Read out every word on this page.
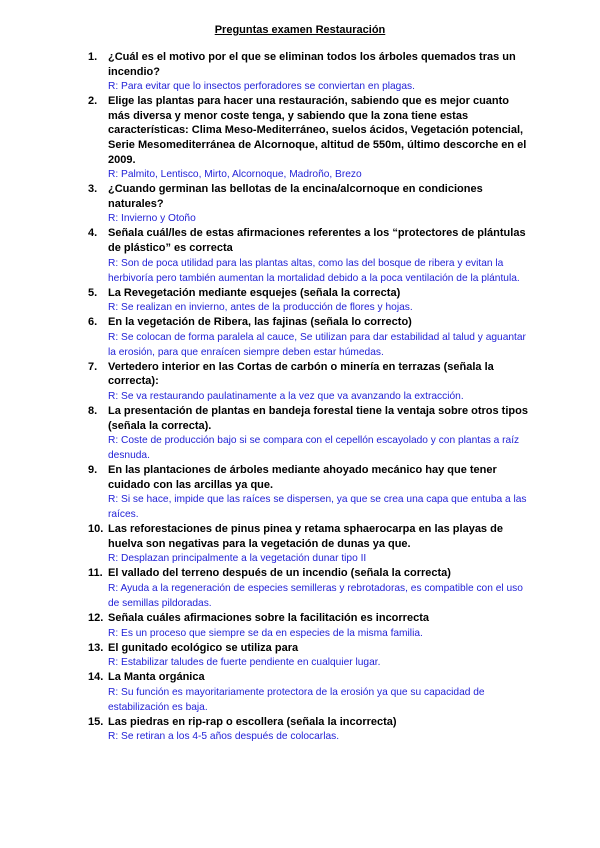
Preguntas examen Restauración
1. ¿Cuál es el motivo por el que se eliminan todos los árboles quemados tras un incendio?
R: Para evitar que lo insectos perforadores se conviertan en plagas.
2. Elige las plantas para hacer una restauración, sabiendo que es mejor cuanto más diversa y menor coste tenga, y sabiendo que la zona tiene estas características: Clima Meso-Mediterráneo, suelos ácidos, Vegetación potencial, Serie Mesomediterránea de Alcornoque, altitud de 550m, último descorche en el 2009.
R: Palmito, Lentisco, Mirto, Alcornoque, Madroño, Brezo
3. ¿Cuando germinan las bellotas de la encina/alcornoque en condiciones naturales?
R: Invierno y Otoño
4. Señala cuál/les de estas afirmaciones referentes a los “protectores de plántulas de plástico” es correcta
R: Son de poca utilidad para las plantas altas, como las del bosque de ribera y evitan la herbivoría pero también aumentan la mortalidad debido a la poca ventilación de la plántula.
5. La Revegetación mediante esquejes (señala la correcta)
R: Se realizan en invierno, antes de la producción de flores y hojas.
6. En la vegetación de Ribera, las fajinas (señala lo correcto)
R: Se colocan de forma paralela al cauce, Se utilizan para dar estabilidad al talud y aguantar la erosión, para que enraícen siempre deben estar húmedas.
7. Vertedero interior en las Cortas de carbón o minería en terrazas (señala la correcta):
R: Se va restaurando paulatinamente a la vez que va avanzando la extracción.
8. La presentación de plantas en bandeja forestal tiene la ventaja sobre otros tipos (señala la correcta).
R: Coste de producción bajo si se compara con el cepellón escayolado y con plantas a raíz desnuda.
9. En las plantaciones de árboles mediante ahoyado mecánico hay que tener cuidado con las arcillas ya que.
R: Si se hace, impide que las raíces se dispersen, ya que se crea una capa que entuba a las raíces.
10. Las reforestaciones de pinus pinea y retama sphaerocarpa en las playas de huelva son negativas para la vegetación de dunas ya que.
R: Desplazan principalmente a la vegetación dunar tipo II
11. El vallado del terreno después de un incendio (señala la correcta)
R: Ayuda a la regeneración de especies semilleras y rebrotadoras, es compatible con el uso de semillas pildoradas.
12. Señala cuáles afirmaciones sobre la facilitación es incorrecta
R: Es un proceso que siempre se da en especies de la misma familia.
13. El gunitado ecológico se utiliza para
R: Estabilizar taludes de fuerte pendiente en cualquier lugar.
14. La Manta orgánica
R: Su función es mayoritariamente protectora de la erosión ya que su capacidad de estabilización es baja.
15. Las piedras en rip-rap o escollera (señala la incorrecta)
R: Se retiran a los 4-5 años después de colocarlas.
